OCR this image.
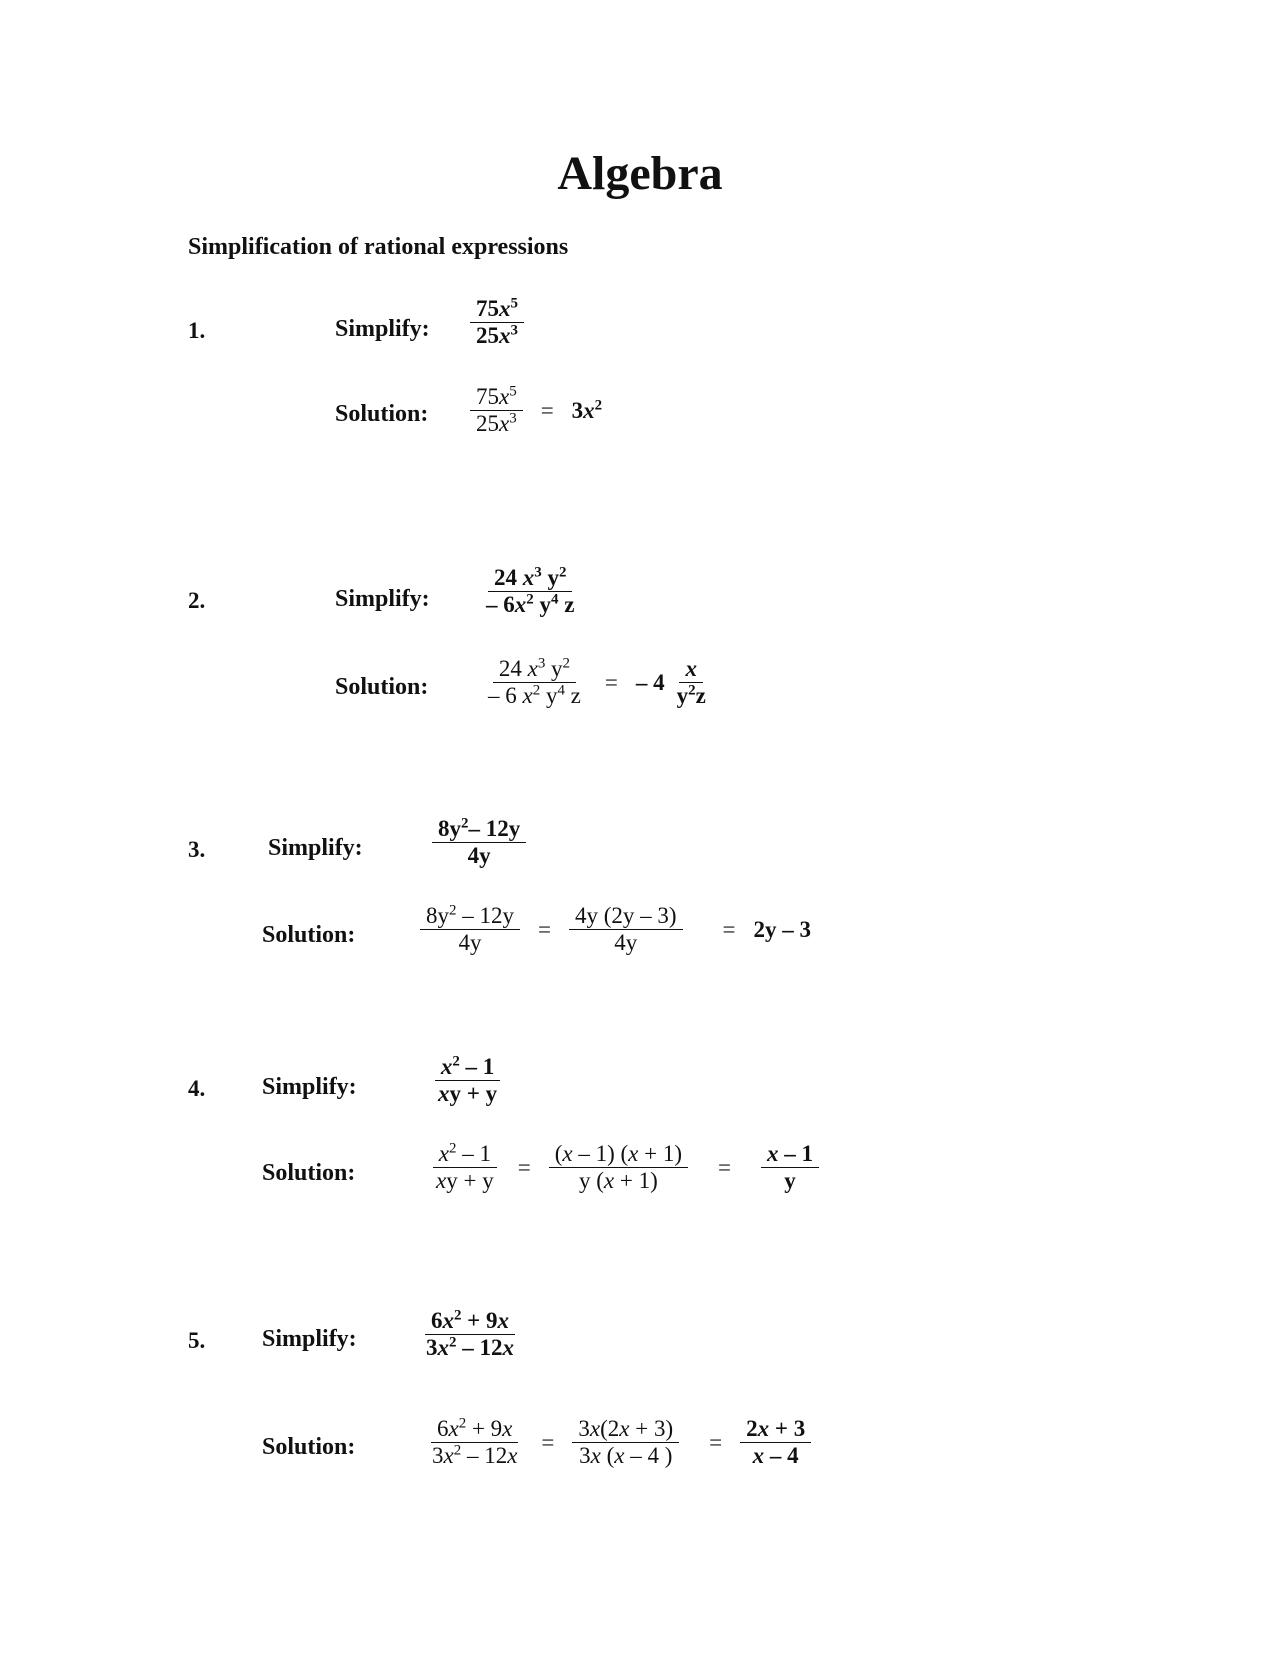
Algebra
Simplification of rational expressions
1.	Simplify: $\frac{75x^5}{25x^3}$
Solution: $\frac{75x^5}{25x^3} = 3x^2$
2.	Simplify: $\frac{24 x^3 y^2}{- 6x^2 y^4 z}$
Solution: $\frac{24 x^3 y^2}{- 6 x^2 y^4 z}$ = – $4 \frac{x}{y^2z}$
3.	Simplify:	$\frac{8y^2- 12y}{4y}$
Solution:	$\frac{8y^2 - 12y}{4y} = \frac{4y (2y - 3)}{4y} = 2y - 3$
4. Simplify:	$\frac{x^2 - 1}{xy + y}$
Solution:	$\frac{x^2 - 1}{xy + y} = \frac{(x - 1) (x + 1)}{y (x + 1)} = \frac{x - 1}{y}$
5. Simplify:	$\frac{6x^2 + 9x}{3x^2 - 12x}$
Solution:	$\frac{6x^2 + 9x}{3x^2 - 12x} = \frac{3x(2x + 3)}{3x (x - 4 )} = \frac{2x + 3}{x - 4}$
